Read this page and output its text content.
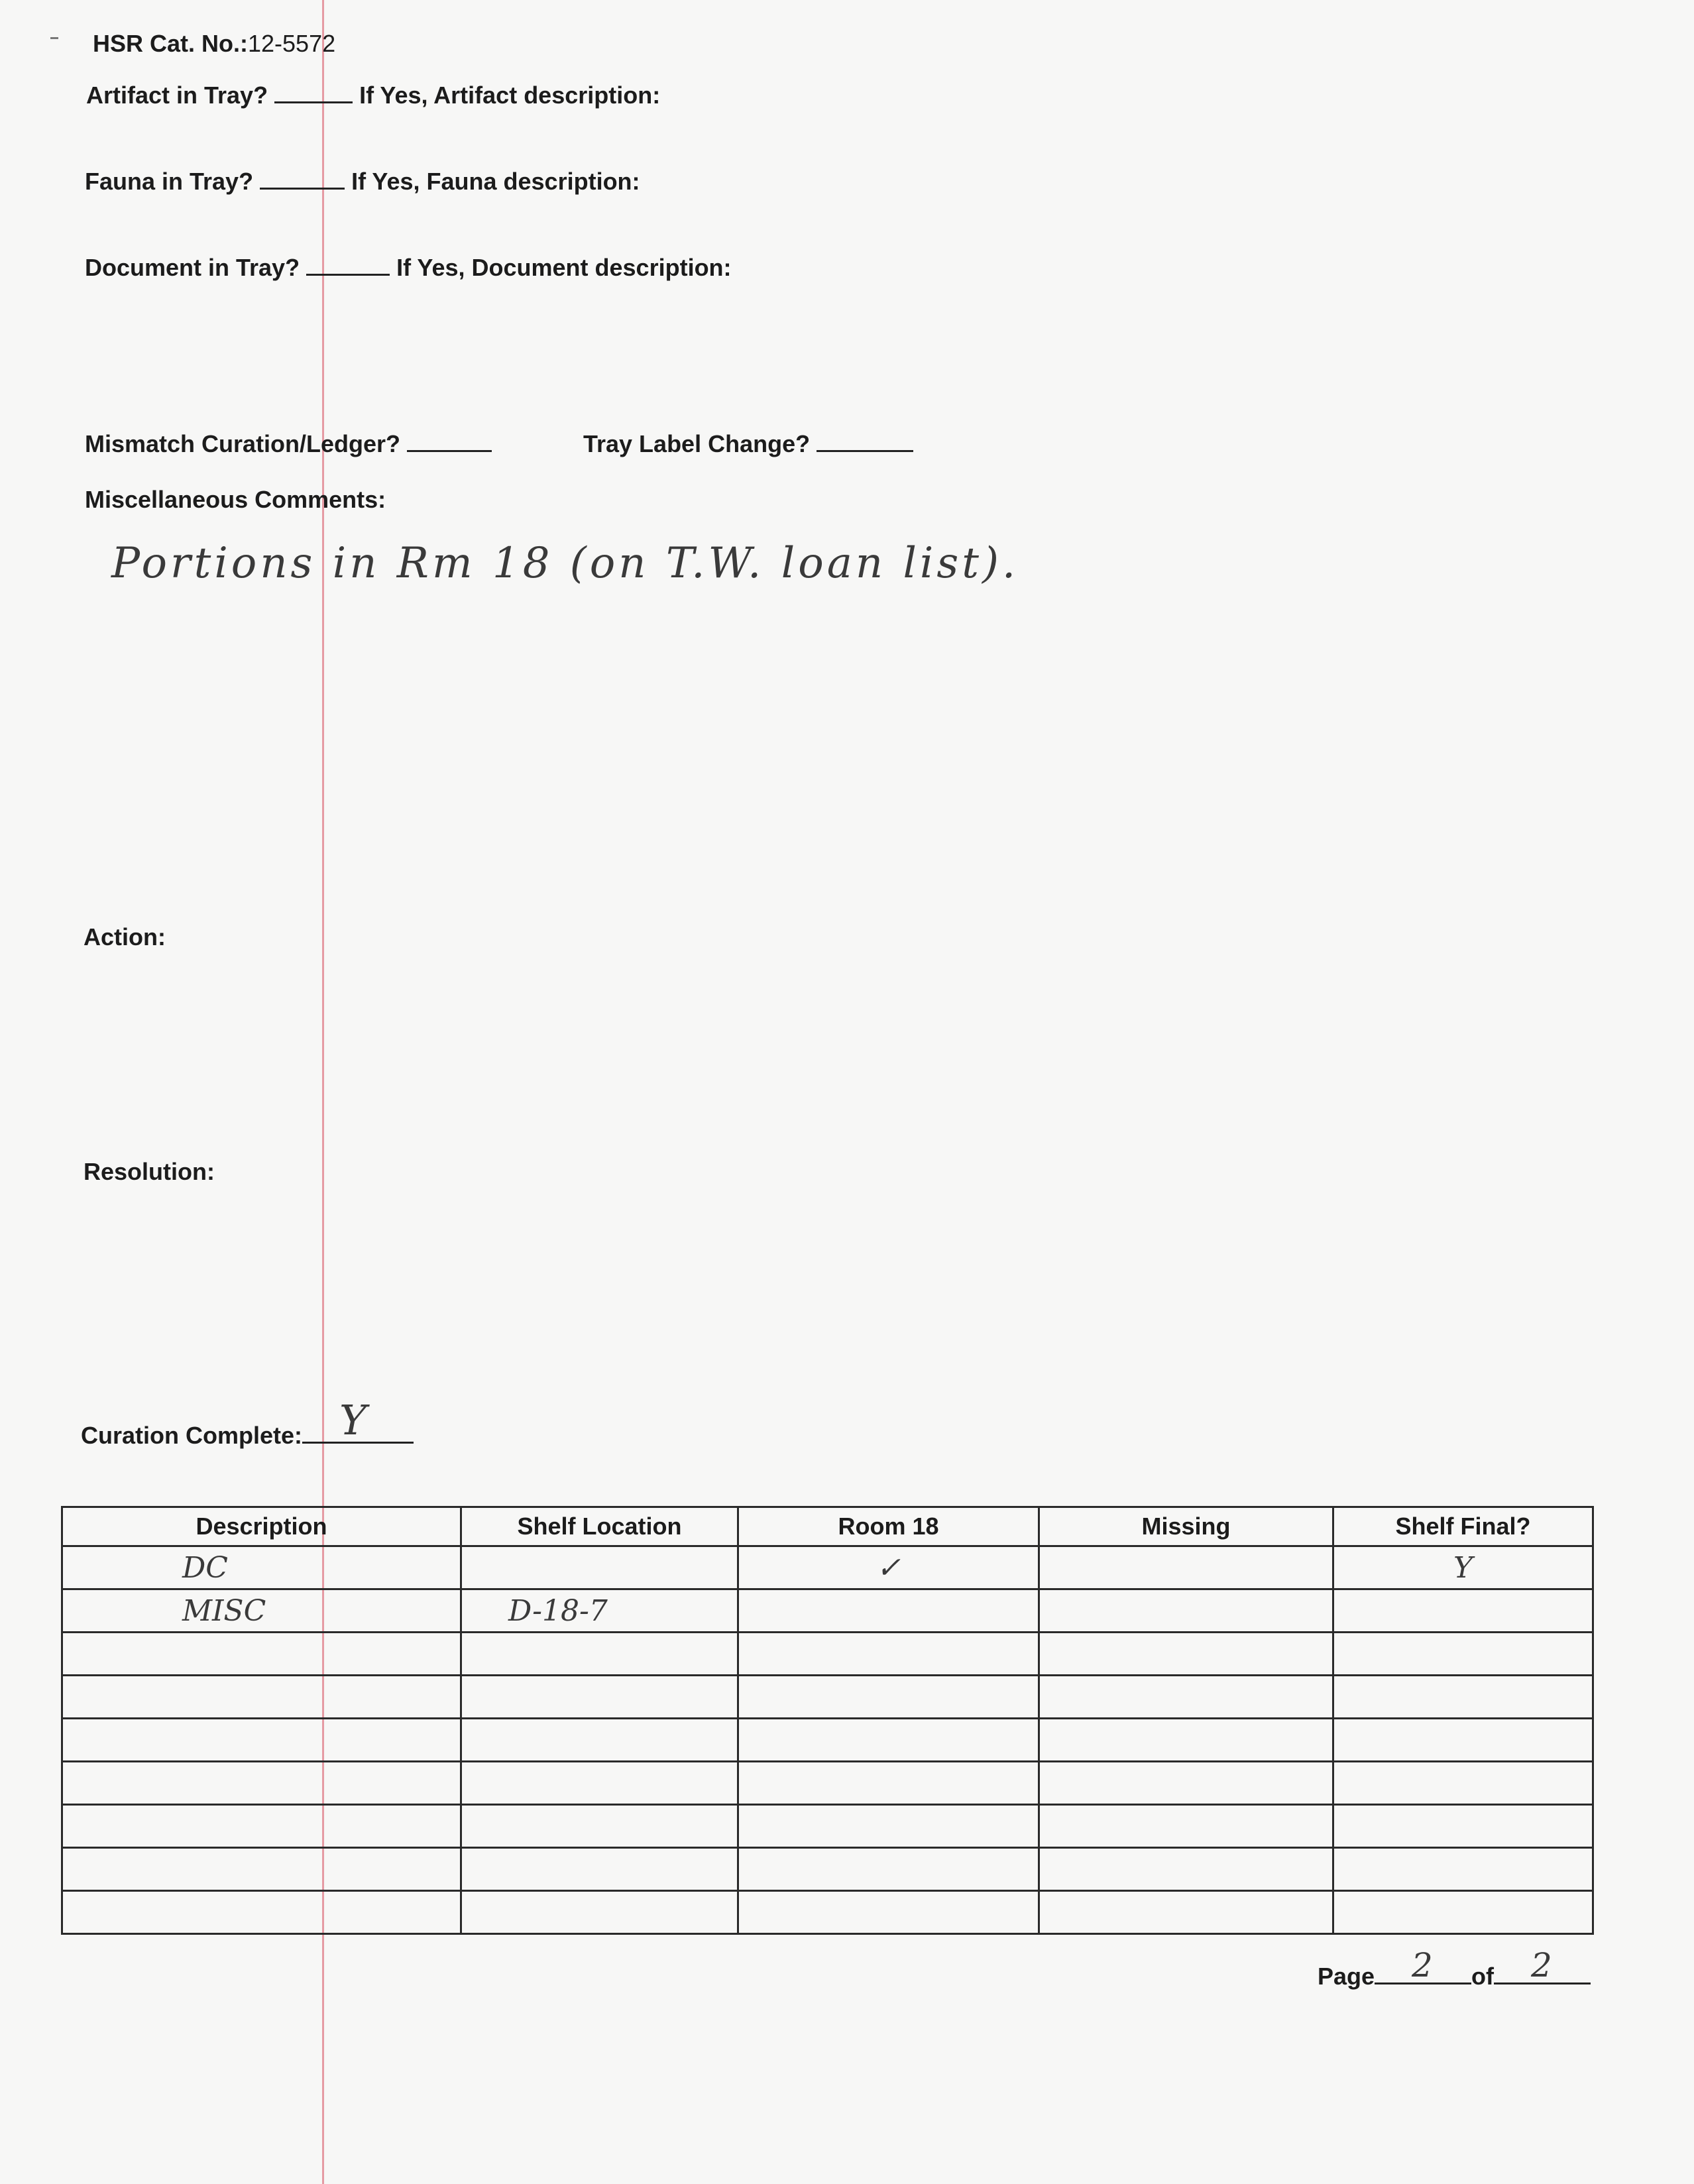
HSR Cat. No.:12-5572
Artifact in Tray?	If Yes, Artifact description:
Fauna in Tray?	If Yes, Fauna description:
Document in Tray?	If Yes, Document description:
Mismatch Curation/Ledger?	Tray Label Change?
Miscellaneous Comments:
Portions in Rm 18 (on T.W. loan list).
Action:
Resolution:
Curation Complete: Y
Description	Shelf Location	Room 18	Missing	Shelf Final?
DC		✓		Y
MISC	D-18-7			

Page 2 of 2
